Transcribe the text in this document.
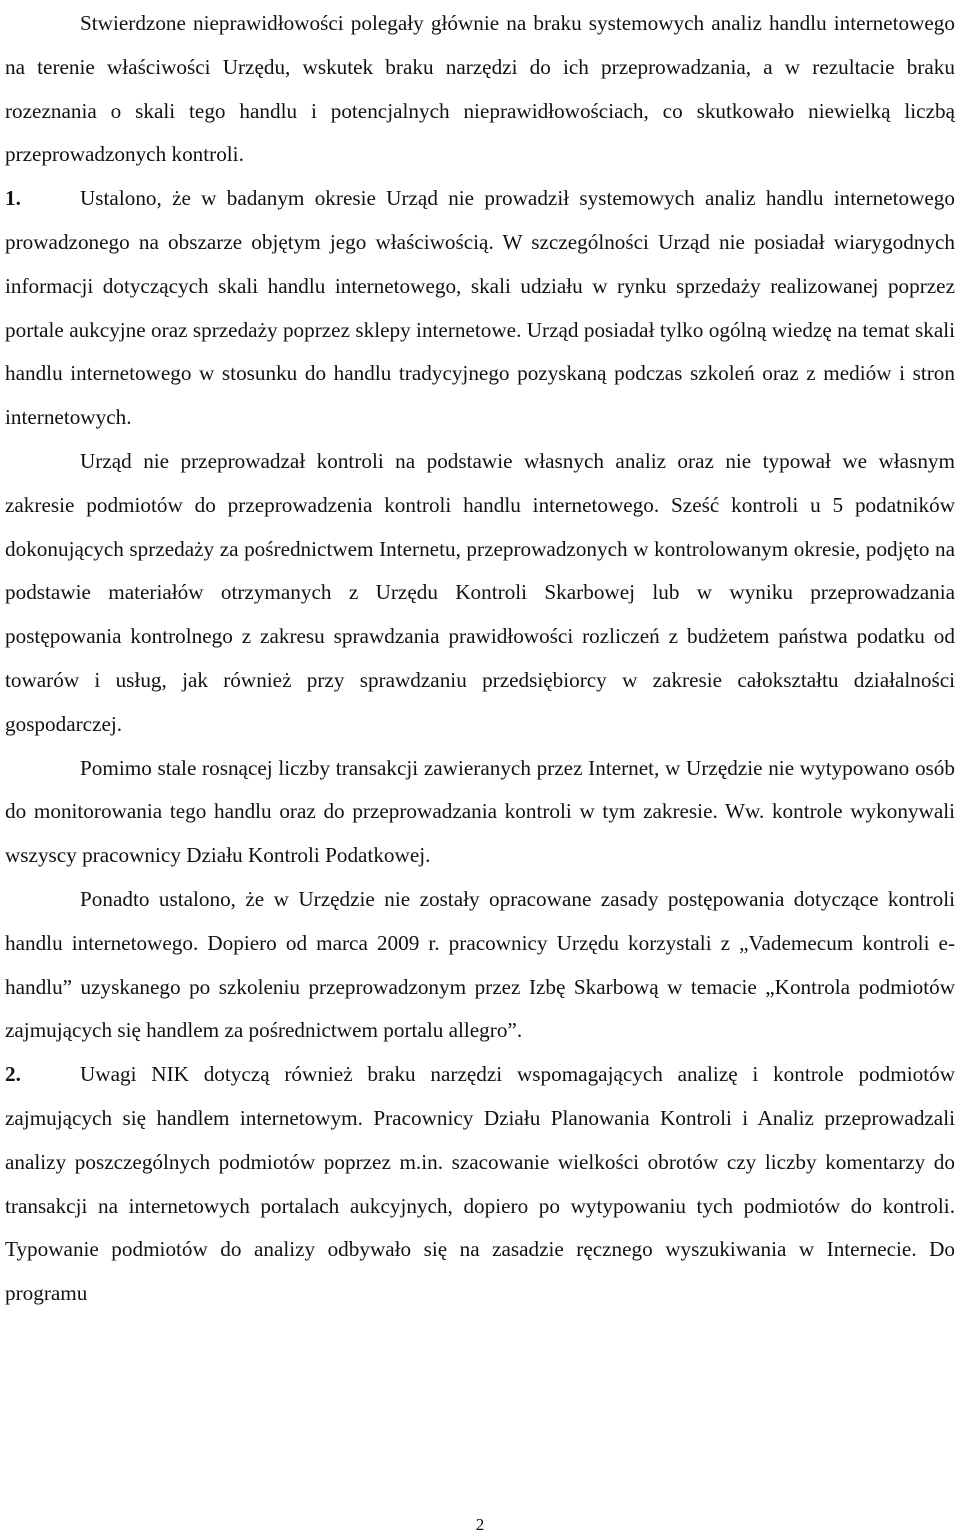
Stwierdzone nieprawidłowości polegały głównie na braku systemowych analiz handlu internetowego na terenie właściwości Urzędu, wskutek braku narzędzi do ich przeprowadzania, a w rezultacie braku rozeznania o skali tego handlu i potencjalnych nieprawidłowościach, co skutkowało niewielką liczbą przeprowadzonych kontroli.

1.	Ustalono, że w badanym okresie Urząd nie prowadził systemowych analiz handlu internetowego prowadzonego na obszarze objętym jego właściwością. W szczególności Urząd nie posiadał wiarygodnych informacji dotyczących skali handlu internetowego, skali udziału w rynku sprzedaży realizowanej poprzez portale aukcyjne oraz sprzedaży poprzez sklepy internetowe. Urząd posiadał tylko ogólną wiedzę na temat skali handlu internetowego w stosunku do handlu tradycyjnego pozyskaną podczas szkoleń oraz z mediów i stron internetowych.

Urząd nie przeprowadzał kontroli na podstawie własnych analiz oraz nie typował we własnym zakresie podmiotów do przeprowadzenia kontroli handlu internetowego. Sześć kontroli u 5 podatników dokonujących sprzedaży za pośrednictwem Internetu, przeprowadzonych w kontrolowanym okresie, podjęto na podstawie materiałów otrzymanych z Urzędu Kontroli Skarbowej lub w wyniku przeprowadzania postępowania kontrolnego z zakresu sprawdzania prawidłowości rozliczeń z budżetem państwa podatku od towarów i usług, jak również przy sprawdzaniu przedsiębiorcy w zakresie całokształtu działalności gospodarczej.

Pomimo stale rosnącej liczby transakcji zawieranych przez Internet, w Urzędzie nie wytypowano osób do monitorowania tego handlu oraz do przeprowadzania kontroli w tym zakresie. Ww. kontrole wykonywali wszyscy pracownicy Działu Kontroli Podatkowej.

Ponadto ustalono, że w Urzędzie nie zostały opracowane zasady postępowania dotyczące kontroli handlu internetowego. Dopiero od marca 2009 r. pracownicy Urzędu korzystali z „Vademecum kontroli e-handlu” uzyskanego po szkoleniu przeprowadzonym przez Izbę Skarbową w temacie „Kontrola podmiotów zajmujących się handlem za pośrednictwem portalu allegro”.

2.	Uwagi NIK dotyczą również braku narzędzi wspomagających analizę i kontrole podmiotów zajmujących się handlem internetowym. Pracownicy Działu Planowania Kontroli i Analiz przeprowadzali analizy poszczególnych podmiotów poprzez m.in. szacowanie wielkości obrotów czy liczby komentarzy do transakcji na internetowych portalach aukcyjnych, dopiero po wytypowaniu tych podmiotów do kontroli. Typowanie podmiotów do analizy odbywało się na zasadzie ręcznego wyszukiwania w Internecie. Do programu

2
